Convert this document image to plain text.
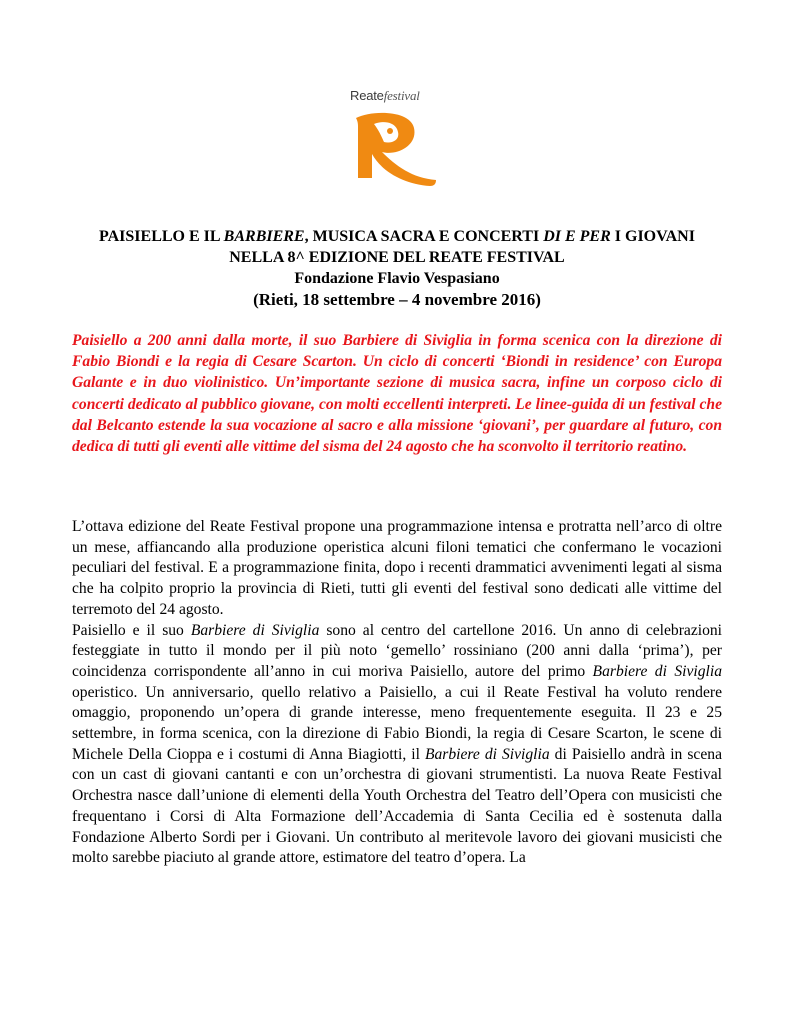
Reatefestival
PAISIELLO E IL BARBIERE, MUSICA SACRA E CONCERTI DI E PER I GIOVANI
NELLA 8^ EDIZIONE DEL REATE FESTIVAL
Fondazione Flavio Vespasiano
(Rieti, 18 settembre – 4 novembre 2016)
Paisiello a 200 anni dalla morte, il suo Barbiere di Siviglia in forma scenica con la direzione di Fabio Biondi e la regia di Cesare Scarton. Un ciclo di concerti ‘Biondi in residence’ con Europa Galante e in duo violinistico. Un’importante sezione di musica sacra, infine un corposo ciclo di concerti dedicato al pubblico giovane, con molti eccellenti interpreti. Le linee-guida di un festival che dal Belcanto estende la sua vocazione al sacro e alla missione ‘giovani’, per guardare al futuro, con dedica di tutti gli eventi alle vittime del sisma del 24 agosto che ha sconvolto il territorio reatino.

L’ottava edizione del Reate Festival propone una programmazione intensa e protratta nell’arco di oltre un mese, affiancando alla produzione operistica alcuni filoni tematici che confermano le vocazioni peculiari del festival. E a programmazione finita, dopo i recenti drammatici avvenimenti legati al sisma che ha colpito proprio la provincia di Rieti, tutti gli eventi del festival sono dedicati alle vittime del terremoto del 24 agosto.

Paisiello e il suo Barbiere di Siviglia sono al centro del cartellone 2016. Un anno di celebrazioni festeggiate in tutto il mondo per il più noto ‘gemello’ rossiniano (200 anni dalla ‘prima’), per coincidenza corrispondente all’anno in cui moriva Paisiello, autore del primo Barbiere di Siviglia operistico. Un anniversario, quello relativo a Paisiello, a cui il Reate Festival ha voluto rendere omaggio, proponendo un’opera di grande interesse, meno frequentemente eseguita. Il 23 e 25 settembre, in forma scenica, con la direzione di Fabio Biondi, la regia di Cesare Scarton, le scene di Michele Della Cioppa e i costumi di Anna Biagiotti, il Barbiere di Siviglia di Paisiello andrà in scena con un cast di giovani cantanti e con un’orchestra di giovani strumentisti. La nuova Reate Festival Orchestra nasce dall’unione di elementi della Youth Orchestra del Teatro dell’Opera con musicisti che frequentano i Corsi di Alta Formazione dell’Accademia di Santa Cecilia ed è sostenuta dalla Fondazione Alberto Sordi per i Giovani. Un contributo al meritevole lavoro dei giovani musicisti che molto sarebbe piaciuto al grande attore, estimatore del teatro d’opera. La
